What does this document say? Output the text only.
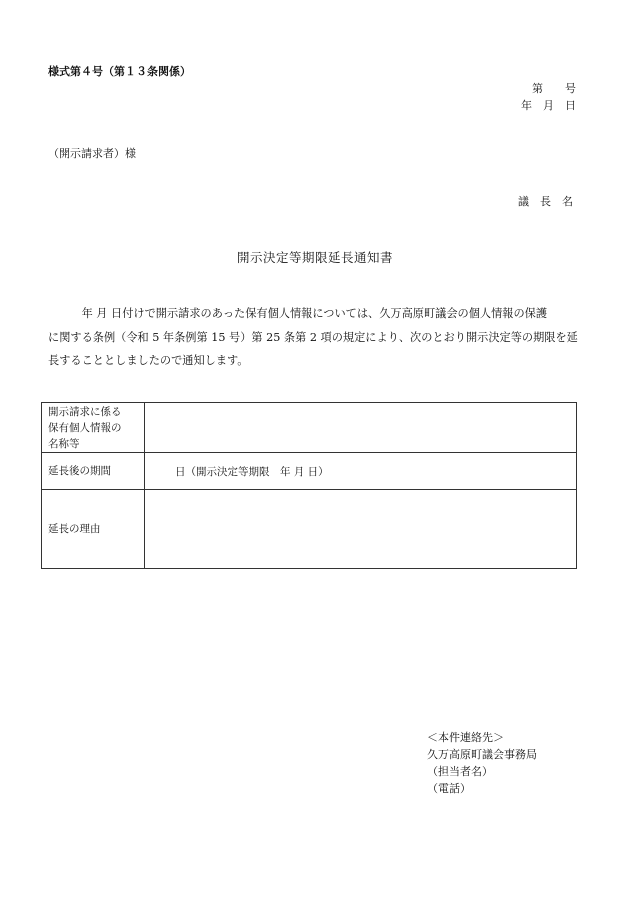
様式第４号（第１３条関係）
第　　号
年　月　日
（開示請求者）様
議　長　名
開示決定等期限延長通知書
　　　年 月 日付けで開示請求のあった保有個人情報については、久万高原町議会の個人情報の保護
に関する条例（令和 5 年条例第 15 号）第 25 条第 2 項の規定により、次のとおり開示決定等の期限を延
長することとしましたので通知します。
開示請求に係る
保有個人情報の
名称等	

延長後の期間	日（開示決定等期限　年 月 日）
延長の理由	
＜本件連絡先＞
久万高原町議会事務局
（担当者名）
（電話）
